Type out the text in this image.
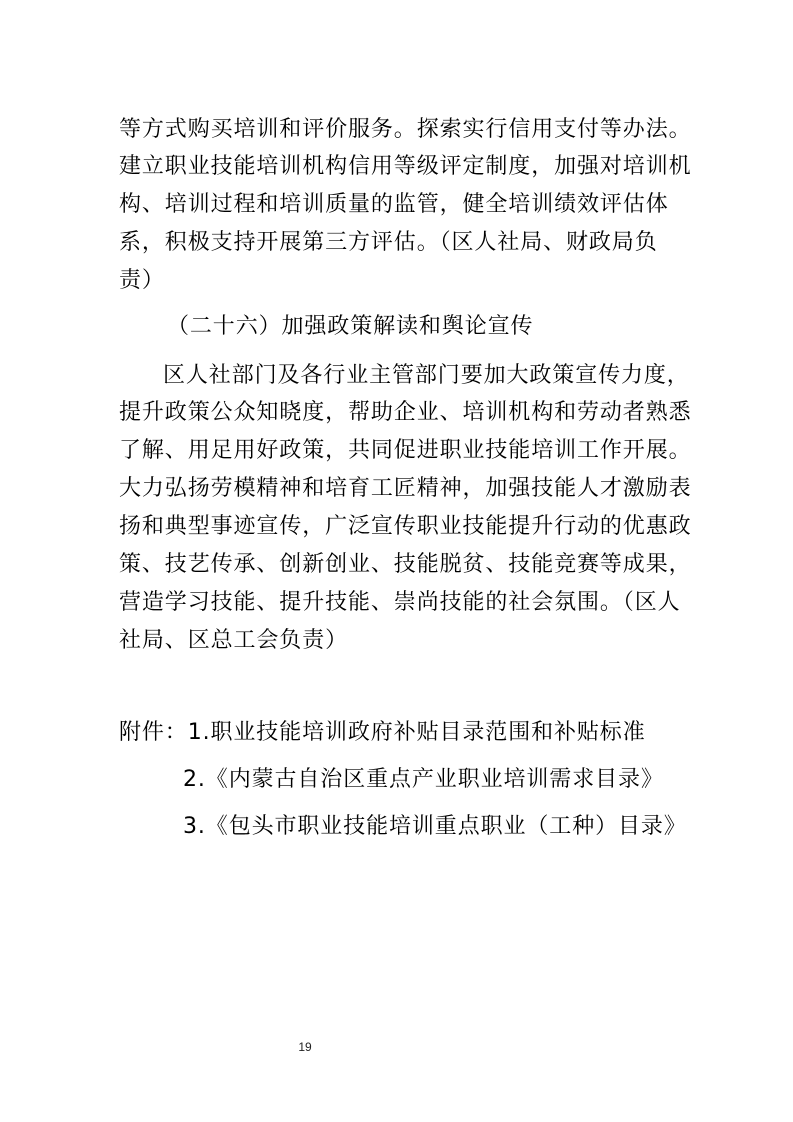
等方式购买培训和评价服务。探索实行信用支付等办法。
建立职业技能培训机构信用等级评定制度，加强对培训机
构、培训过程和培训质量的监管，健全培训绩效评估体
系，积极支持开展第三方评估。（区人社局、财政局负
责）
（二十六）加强政策解读和舆论宣传
区人社部门及各行业主管部门要加大政策宣传力度，
提升政策公众知晓度，帮助企业、培训机构和劳动者熟悉
了解、用足用好政策，共同促进职业技能培训工作开展。
大力弘扬劳模精神和培育工匠精神，加强技能人才激励表
扬和典型事迹宣传，广泛宣传职业技能提升行动的优惠政
策、技艺传承、创新创业、技能脱贫、技能竞赛等成果，
营造学习技能、提升技能、崇尚技能的社会氛围。（区人
社局、区总工会负责）
附件：1.职业技能培训政府补贴目录范围和补贴标准
2.《内蒙古自治区重点产业职业培训需求目录》
3.《包头市职业技能培训重点职业（工种）目录》
19
